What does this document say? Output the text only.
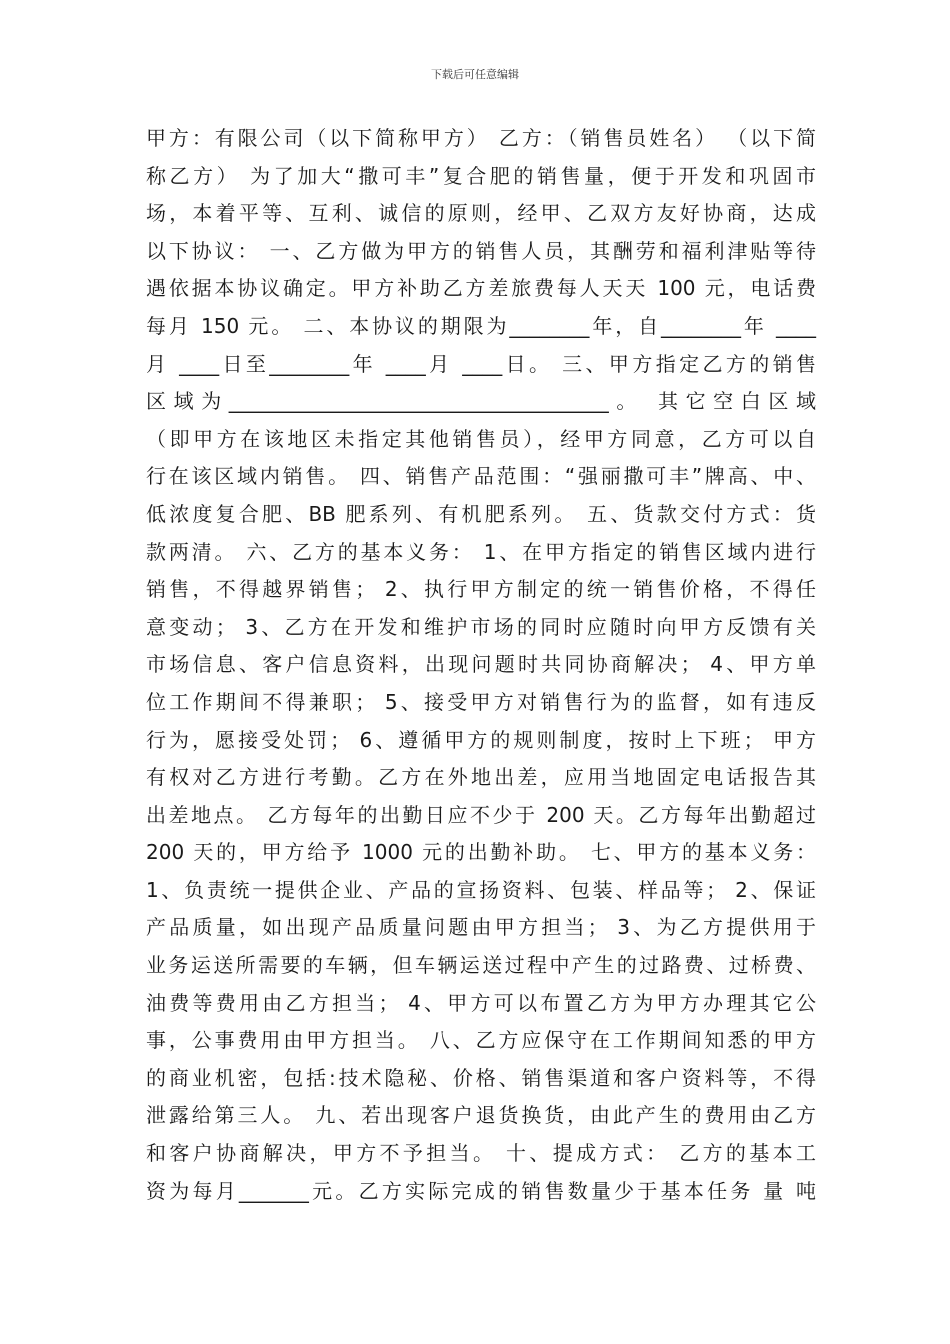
下载后可任意编辑
甲方：有限公司（以下简称甲方） 乙方：（销售员姓名） （以下简
称乙方） 为了加大“撒可丰”复合肥的销售量，便于开发和巩固市
场，本着平等、互利、诚信的原则，经甲、乙双方友好协商，达成
以下协议： 一、乙方做为甲方的销售人员，其酬劳和福利津贴等待
遇依据本协议确定。甲方补助乙方差旅费每人天天 100 元，电话费
每月 150 元。 二、本协议的期限为________年，自________年 ____
月 ____日至________年 ____月 ____日。 三、甲方指定乙方的销售
区域为______________________________________。 其它空白区域
（即甲方在该地区未指定其他销售员），经甲方同意，乙方可以自
行在该区域内销售。 四、销售产品范围：“强丽撒可丰”牌高、中、
低浓度复合肥、BB 肥系列、有机肥系列。 五、货款交付方式：货
款两清。 六、乙方的基本义务： 1、在甲方指定的销售区域内进行
销售，不得越界销售； 2、执行甲方制定的统一销售价格，不得任
意变动； 3、乙方在开发和维护市场的同时应随时向甲方反馈有关
市场信息、客户信息资料，出现问题时共同协商解决； 4、甲方单
位工作期间不得兼职； 5、接受甲方对销售行为的监督，如有违反
行为，愿接受处罚； 6、遵循甲方的规则制度，按时上下班； 甲方
有权对乙方进行考勤。乙方在外地出差，应用当地固定电话报告其
出差地点。 乙方每年的出勤日应不少于 200 天。乙方每年出勤超过
200 天的，甲方给予 1000 元的出勤补助。 七、甲方的基本义务：
1、负责统一提供企业、产品的宣扬资料、包装、样品等； 2、保证
产品质量，如出现产品质量问题由甲方担当； 3、为乙方提供用于
业务运送所需要的车辆，但车辆运送过程中产生的过路费、过桥费、
油费等费用由乙方担当； 4、甲方可以布置乙方为甲方办理其它公
事，公事费用由甲方担当。 八、乙方应保守在工作期间知悉的甲方
的商业机密，包括:技术隐秘、价格、销售渠道和客户资料等，不得
泄露给第三人。 九、若出现客户退货换货，由此产生的费用由乙方
和客户协商解决，甲方不予担当。 十、提成方式： 乙方的基本工
资为每月_______元。乙方实际完成的销售数量少于基本任务 量 吨
